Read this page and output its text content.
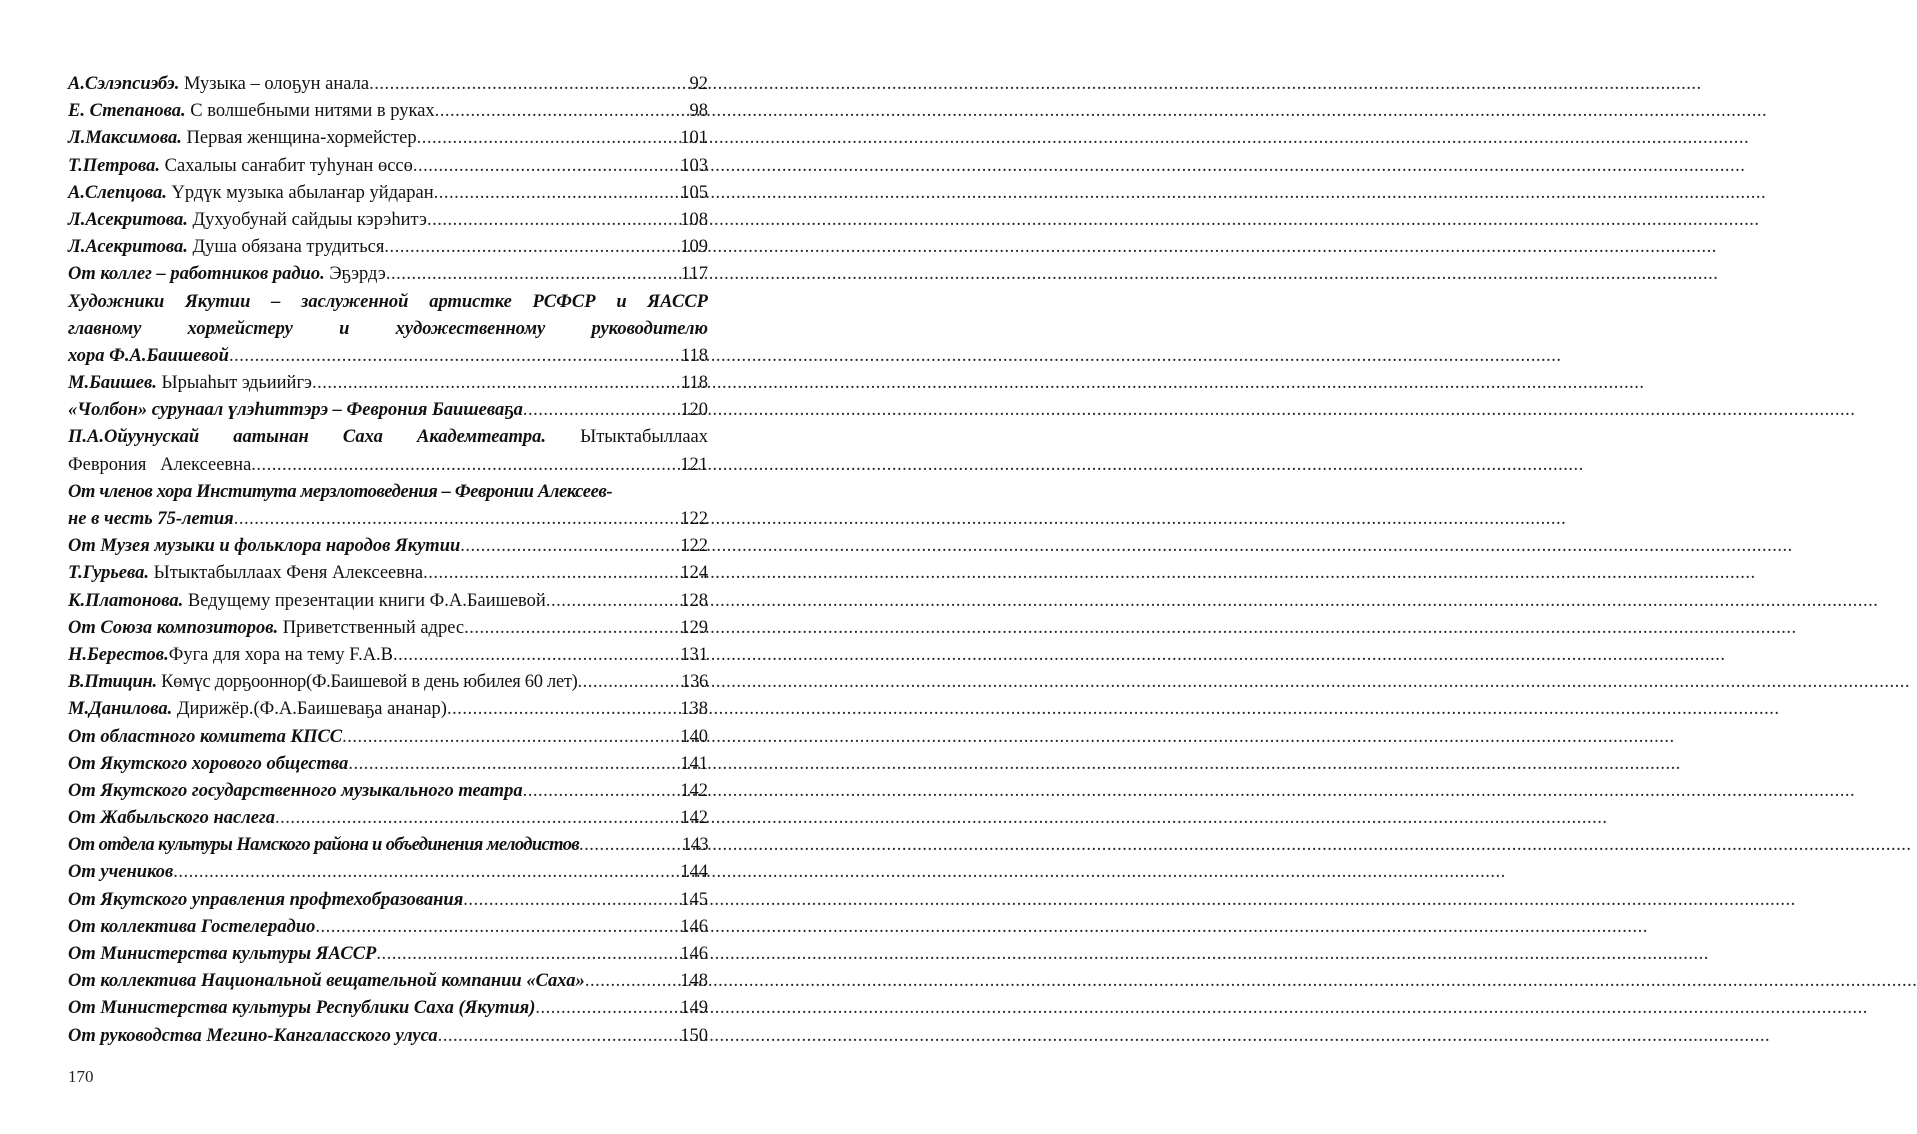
А.Сэлэпсиэбэ. Музыка – олоҕун анала .....	92
Е. Степанова. С волшебными нитями в руках .....	98
Л.Максимова. Первая женщина-хормейстер .....	101
Т.Петрова. Сахалыы саҥабит туһунан өссө .....	103
А.Слепцова. Үрдүк музыка абылаҥар уйдаран .....	105
Л.Асекритова. Духуобунай сайдыы кэрэһитэ .....	108
Л.Асекритова. Душа обязана трудиться .....	109
От коллег – работников радио. Эҕэрдэ .....	117
Художники Якутии – заслуженной артистке РСФСР и ЯАССР
главному	хормейстеру	и	художественному	руководителю
хора Ф.А.Баишевой .....	118
М.Баишев. Ырыаһыт эдьиийгэ .....	118
«Чолбон» сурунаал үлэһиттэрэ – Феврония Баишеваҕа .....	120
П.А.Ойуунускай аатынан Саха Академтеатра. Ытыктабыллаах
Феврония   Алексеевна .....	121
От членов хора Института мерзлотоведения – Февронии Алексеев-
не в честь 75-летия .....	122
От Музея музыки и фольклора народов Якутии .....	122
Т.Гурьева. Ытыктабыллаах Феня Алексеевна .....	124
К.Платонова. Ведущему презентации книги Ф.А.Баишевой .....	128
От Союза композиторов. Приветственный адрес .....	129
Н.Берестов.Фуга для хора на тему F.A.B .....	131
В.Птицин. Көмүс дорҕооннор(Ф.Баишевой в день юбилея 60 лет) .....	136
М.Данилова. Дирижёр.(Ф.А.Баишеваҕа ананар) .....	138
От областного комитета КПСС .....	140
От Якутского хорового общества .....	141
От Якутского государственного музыкального театра .....	142
От Жабыльского наслега .....	142
От отдела культуры Намского района и объединения мелодистов .....	143
От учеников .....	144
От Якутского управления профтехобразования .....	145
От коллектива Гостелерадио .....	146
От Министерства культуры ЯАССР .....	146
От коллектива Национальной вещательной компании «Саха» .....	148
От Министерства культуры Республики Саха (Якутия) .....	149
От руководства Мегино-Кангаласского улуса .....	150
170
